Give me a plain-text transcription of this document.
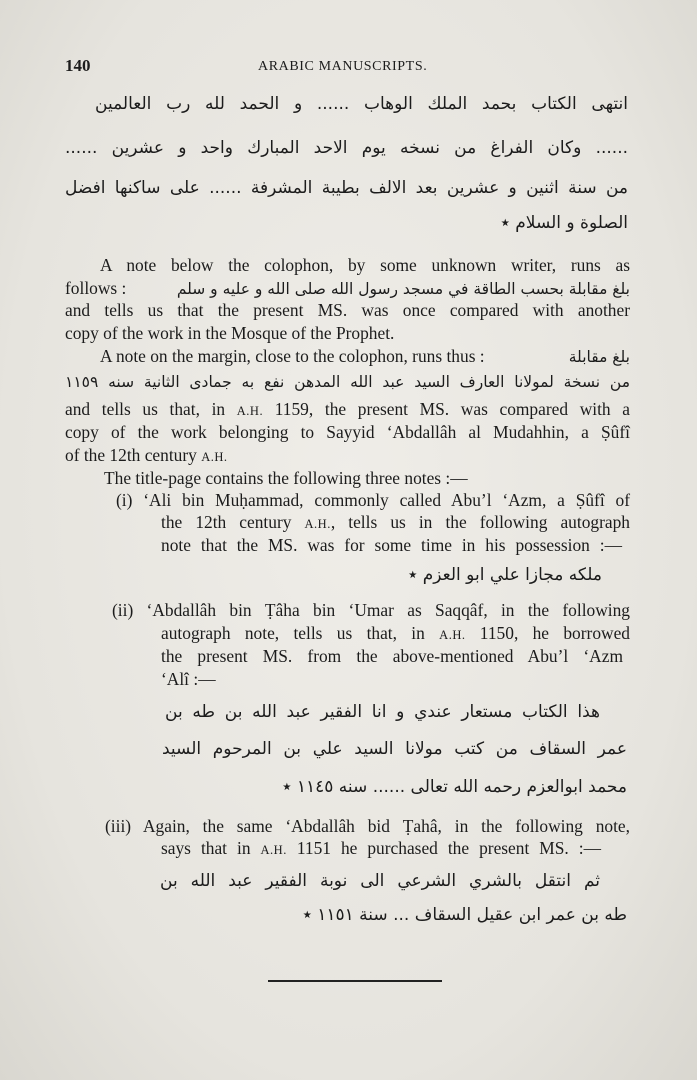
140	ARABIC MANUSCRIPTS.
انتهى الكتاب بحمد الملك الوهاب ...... و الحمد لله رب العالمين
...... وكان الفراغ من نسخه يوم الاحد المبارك واحد و عشرين ......
من سنة اثنين و عشرين بعد الالف بطيبة المشرفة ...... على ساكنها افضل
الصلوة و السلام ٭
A note below the colophon, by some unknown writer, runs as
follows :	بلغ مقابلة بحسب الطاقة في مسجد رسول الله صلى الله و عليه و سلم
and tells us that the present MS. was once compared with another
copy of the work in the Mosque of the Prophet.
A note on the margin, close to the colophon, runs thus :	بلغ مقابلة
من نسخة لمولانا العارف السيد عبد الله المدهن نفع به جمادى الثانية سنه ١١٥٩
and tells us that, in A.H. 1159, the present MS. was compared with a
copy of the work belonging to Sayyid ‘Abdallâh al Mudahhin, a Ṣûfî
of the 12th century A.H.
The title-page contains the following three notes :—
(i) ‘Ali bin Muḥammad, commonly called Abu’l ‘Azm, a Ṣûfî of
the 12th century A.H., tells us in the following autograph
note that the MS. was for some time in his possession :—
ملكه مجازا علي ابو العزم ٭
(ii) ‘Abdallâh bin Ṭâha bin ‘Umar as Saqqâf, in the following
autograph note, tells us that, in A.H. 1150, he borrowed
the present MS. from the above-mentioned Abu’l ‘Azm
‘Alî :—
هذا الكتاب مستعار عندي و انا الفقير عبد الله بن طه بن
عمر السقاف من كتب مولانا السيد علي بن المرحوم السيد
محمد ابوالعزم رحمه الله تعالى ...... سنه ١١٤٥ ٭
(iii) Again, the same ‘Abdallâh bid Ṭahâ, in the following note,
says that in A.H. 1151 he purchased the present MS. :—
ثم انتقل بالشري الشرعي الى نوبة الفقير عبد الله بن
طه بن عمر ابن عقيل السقاف ... سنة ١١٥١ ٭
